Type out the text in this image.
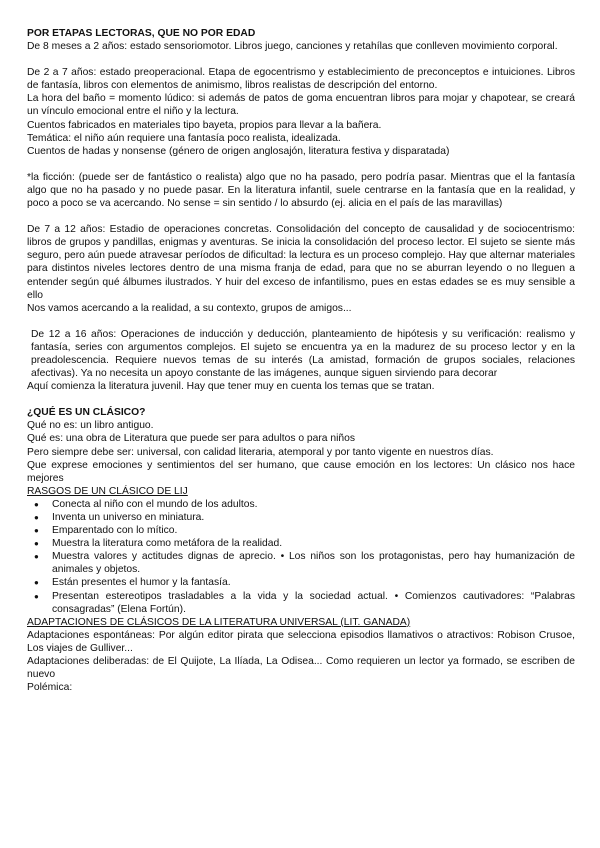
POR ETAPAS LECTORAS, QUE NO POR EDAD

De 8 meses a 2 años: estado sensoriomotor. Libros juego, canciones y retahílas que conlleven movimiento corporal.

De 2 a 7 años: estado preoperacional. Etapa de egocentrismo y establecimiento de preconceptos e intuiciones. Libros de fantasía, libros con elementos de animismo, libros realistas de descripción del entorno.

La hora del baño = momento lúdico: si además de patos de goma encuentran libros para mojar y chapotear, se creará un vínculo emocional entre el niño y la lectura.

Cuentos fabricados en materiales tipo bayeta, propios para llevar a la bañera.

Temática: el niño aún requiere una fantasía poco realista, idealizada.

Cuentos de hadas y nonsense (género de origen anglosajón, literatura festiva y disparatada)

*la ficción: (puede ser de fantástico o realista) algo que no ha pasado, pero podría pasar. Mientras que el la fantasía algo que no ha pasado y no puede pasar. En la literatura infantil, suele centrarse en la fantasía que en la realidad, y poco a poco se va acercando. No sense = sin sentido / lo absurdo (ej. alicia en el país de las maravillas)

De 7 a 12 años: Estadio de operaciones concretas. Consolidación del concepto de causalidad y de sociocentrismo: libros de grupos y pandillas, enigmas y aventuras. Se inicia la consolidación del proceso lector. El sujeto se siente más seguro, pero aún puede atravesar períodos de dificultad: la lectura es un proceso complejo. Hay que alternar materiales para distintos niveles lectores dentro de una misma franja de edad, para que no se aburran leyendo o no lleguen a entender según qué álbumes ilustrados. Y huir del exceso de infantilismo, pues en estas edades se es muy sensible a ello

Nos vamos acercando a la realidad, a su contexto, grupos de amigos...

De 12 a 16 años: Operaciones de inducción y deducción, planteamiento de hipótesis y su verificación: realismo y fantasía, series con argumentos complejos. El sujeto se encuentra ya en la madurez de su proceso lector y en la preadolescencia. Requiere nuevos temas de su interés (La amistad, formación de grupos sociales, relaciones afectivas). Ya no necesita un apoyo constante de las imágenes, aunque siguen sirviendo para decorar

Aquí comienza la literatura juvenil. Hay que tener muy en cuenta los temas que se tratan.

¿QUÉ ES UN CLÁSICO?

Qué no es: un libro antiguo.

Qué es: una obra de Literatura que puede ser para adultos o para niños

Pero siempre debe ser: universal, con calidad literaria, atemporal y por tanto vigente en nuestros días.

Que exprese emociones y sentimientos del ser humano, que cause emoción en los lectores: Un clásico nos hace mejores

RASGOS DE UN CLÁSICO DE LIJ

● Conecta al niño con el mundo de los adultos.
● Inventa un universo en miniatura.
● Emparentado con lo mítico.
● Muestra la literatura como metáfora de la realidad.
● Muestra valores y actitudes dignas de aprecio. • Los niños son los protagonistas, pero hay humanización de animales y objetos.
● Están presentes el humor y la fantasía.
● Presentan estereotipos trasladables a la vida y la sociedad actual. • Comienzos cautivadores: “Palabras consagradas” (Elena Fortún).

ADAPTACIONES DE CLÁSICOS DE LA LITERATURA UNIVERSAL (LIT. GANADA)

Adaptaciones espontáneas: Por algún editor pirata que selecciona episodios llamativos o atractivos: Robison Crusoe, Los viajes de Gulliver...

Adaptaciones deliberadas: de El Quijote, La Ilíada, La Odisea... Como requieren un lector ya formado, se escriben de nuevo

Polémica:
